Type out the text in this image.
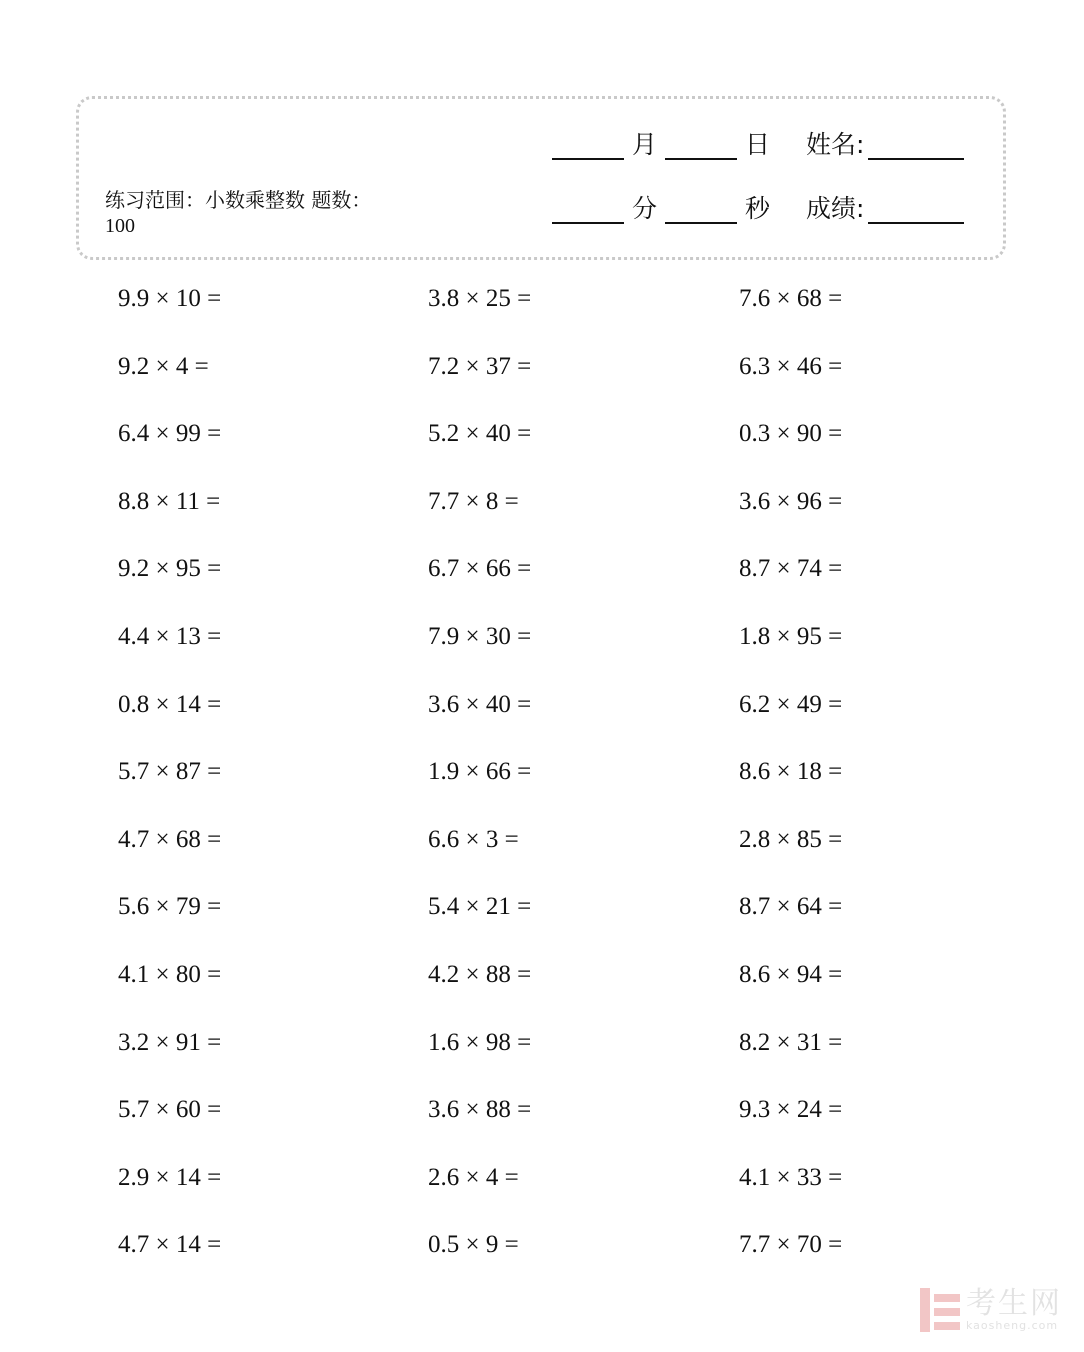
练习范围：小数乘整数 题数：
100
月	日	姓名:
分	秒	成绩:
9.9 × 10 =	3.8 × 25 =	7.6 × 68 =
9.2 × 4 =	7.2 × 37 =	6.3 × 46 =
6.4 × 99 =	5.2 × 40 =	0.3 × 90 =
8.8 × 11 =	7.7 × 8 =	3.6 × 96 =
9.2 × 95 =	6.7 × 66 =	8.7 × 74 =
4.4 × 13 =	7.9 × 30 =	1.8 × 95 =
0.8 × 14 =	3.6 × 40 =	6.2 × 49 =
5.7 × 87 =	1.9 × 66 =	8.6 × 18 =
4.7 × 68 =	6.6 × 3 =	2.8 × 85 =
5.6 × 79 =	5.4 × 21 =	8.7 × 64 =
4.1 × 80 =	4.2 × 88 =	8.6 × 94 =
3.2 × 91 =	1.6 × 98 =	8.2 × 31 =
5.7 × 60 =	3.6 × 88 =	9.3 × 24 =
2.9 × 14 =	2.6 × 4 =	4.1 × 33 =
4.7 × 14 =	0.5 × 9 =	7.7 × 70 =
考生网
kaosheng.com
